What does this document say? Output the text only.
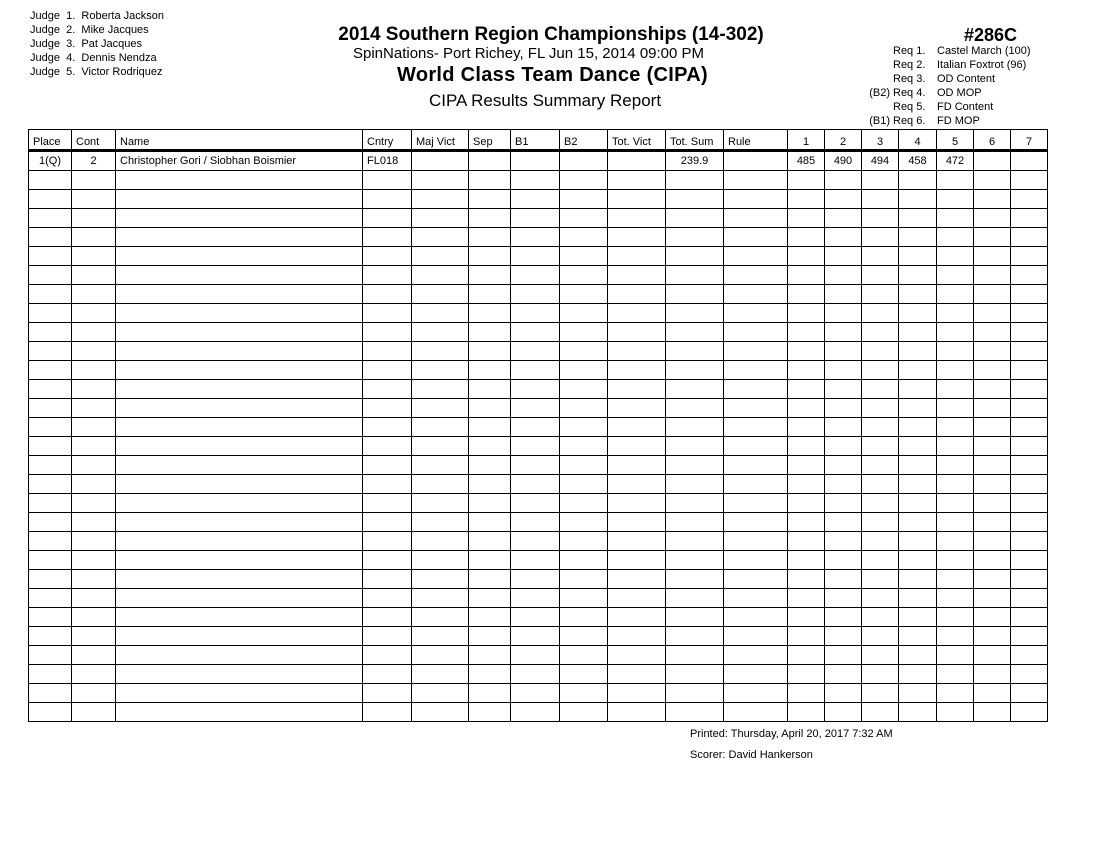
Judge 1. Roberta Jackson
Judge 2. Mike Jacques
Judge 3. Pat Jacques
Judge 4. Dennis Nendza
Judge 5. Victor Rodriquez
2014 Southern Region Championships (14-302)
SpinNations- Port Richey, FL Jun 15, 2014 09:00 PM
World Class Team Dance (CIPA)
CIPA Results Summary Report
#286C
Req 1.	Castel March (100)
Req 2.	Italian Foxtrot (96)
Req 3.	OD Content
(B2) Req 4.	OD MOP
Req 5.	FD Content
(B1) Req 6.	FD MOP
Place	Cont	Name	Cntry	Maj Vict	Sep	B1	B2	Tot. Vict	Tot. Sum	Rule	1	2	3	4	5	6	7
1(Q)	2	Christopher Gori / Siobhan Boismier	FL018						239.9		485	490	494	458	472		

Printed: Thursday, April 20, 2017 7:32 AM
Scorer: David Hankerson
